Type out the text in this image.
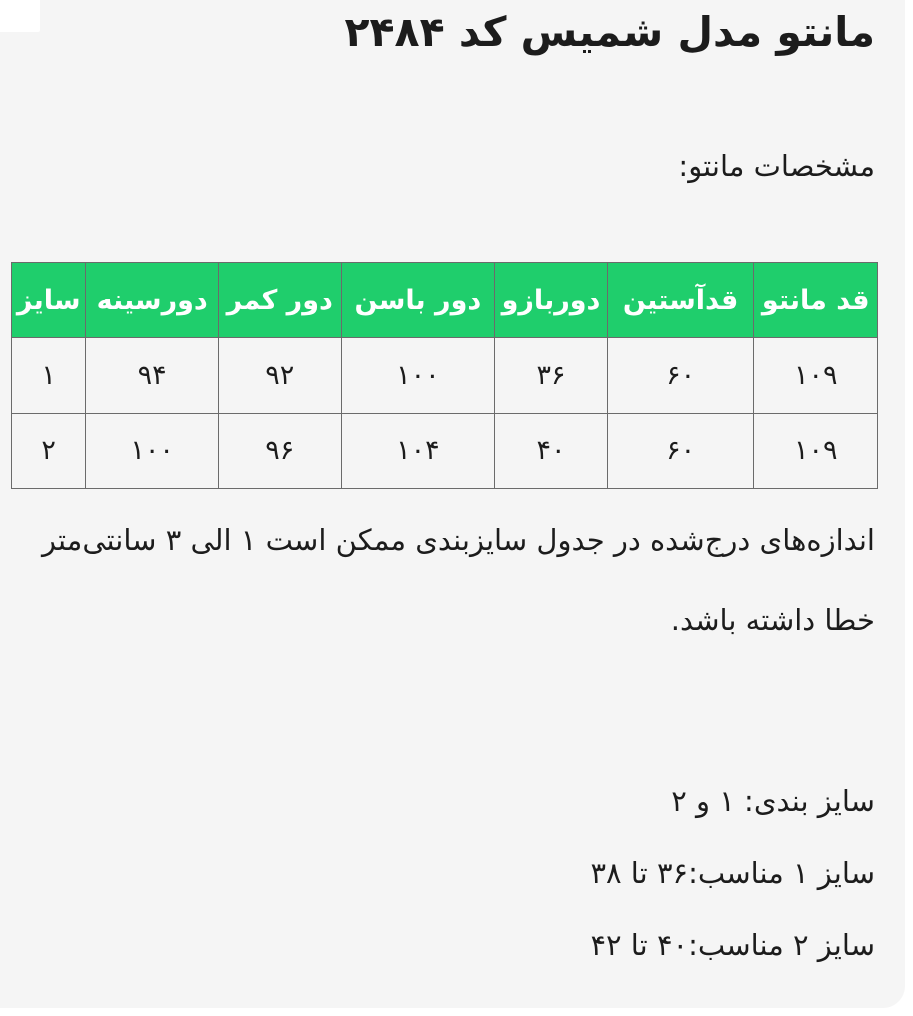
مانتو مدل شمیس کد ۲۴۸۴

مشخصات مانتو:

قد مانتو	قدآستین	دوربازو	دور باسن	دور کمر	دورسینه	سایز
۱۰۹	۶۰	۳۶	۱۰۰	۹۲	۹۴	۱
۱۰۹	۶۰	۴۰	۱۰۴	۹۶	۱۰۰	۲

اندازه‌های درج‌شده در جدول سایزبندی ممکن است ۱ الی ۳ سانتی‌متر خطا داشته باشد.

سایز بندی: ۱ و ۲

سایز ۱ مناسب:۳۶ تا ۳۸

سایز ۲ مناسب:۴۰ تا ۴۲
